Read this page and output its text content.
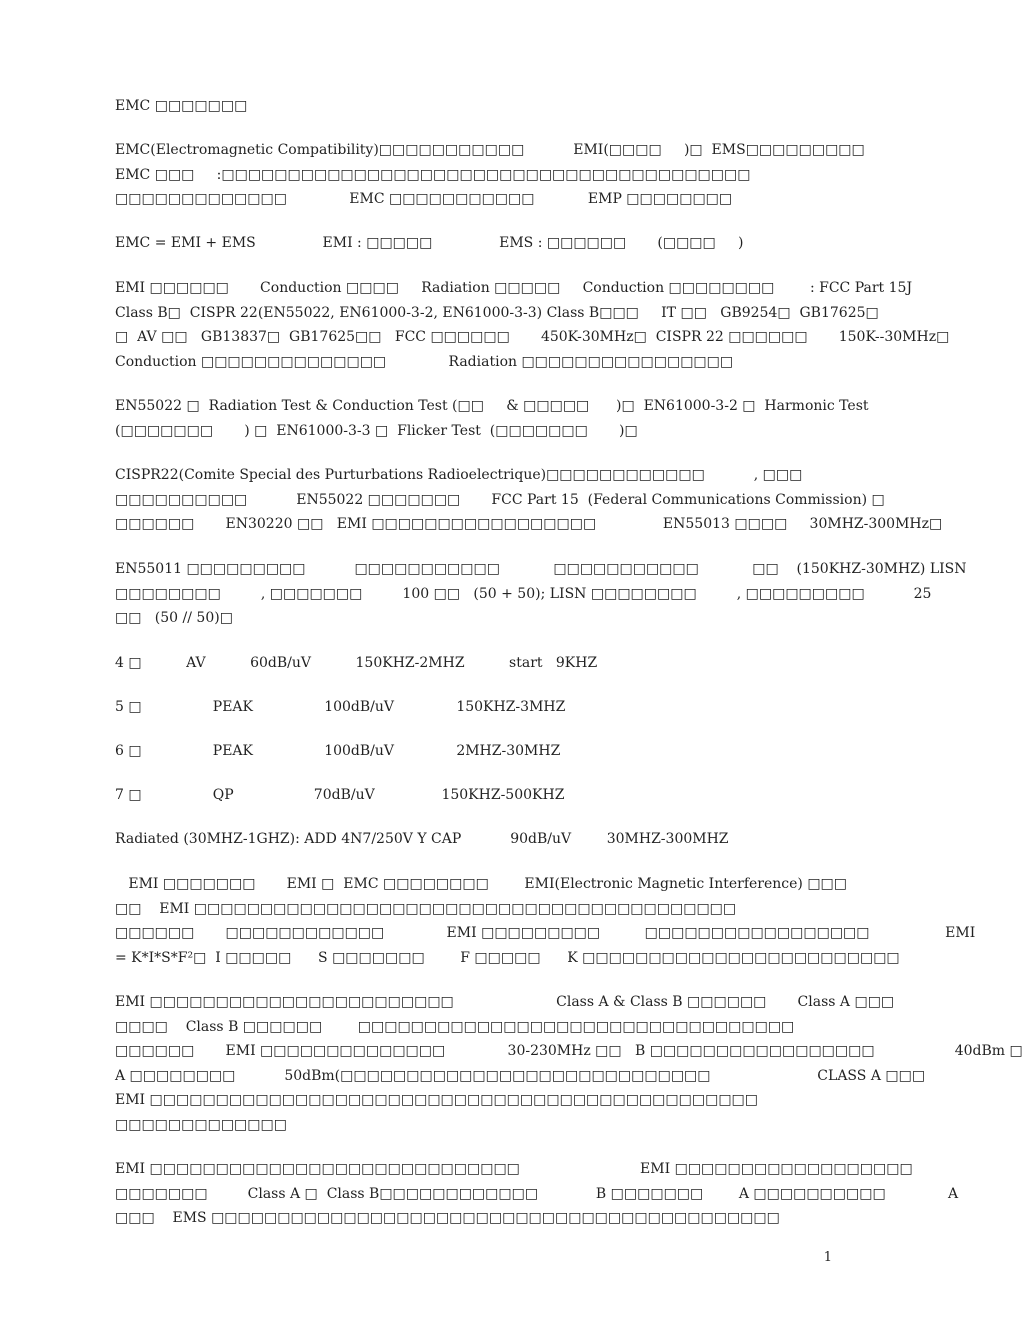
EMC □□□□□□□
EMC(Electromagnetic Compatibility)□□□□□□□□□□□           EMI(□□□□     )□  EMS□□□□□□□□□
EMC □□□     :□□□□□□□□□□□□□□□□□□□□□□□□□□□□□□□□□□□□□□□□
□□□□□□□□□□□□□              EMC □□□□□□□□□□□            EMP □□□□□□□□
EMC = EMI + EMS               EMI : □□□□□               EMS : □□□□□□       (□□□□     )
EMI □□□□□□       Conduction □□□□     Radiation □□□□□     Conduction □□□□□□□□        : FCC Part 15J
Class B□  CISPR 22(EN55022, EN61000-3-2, EN61000-3-3) Class B□□□     IT □□   GB9254□  GB17625□
□  AV □□   GB13837□  GB17625□□   FCC □□□□□□       450K-30MHz□  CISPR 22 □□□□□□       150K--30MHz□
Conduction □□□□□□□□□□□□□□              Radiation □□□□□□□□□□□□□□□□
EN55022 □  Radiation Test & Conduction Test (□□     & □□□□□      )□  EN61000-3-2 □  Harmonic Test
(□□□□□□□       ) □  EN61000-3-3 □  Flicker Test  (□□□□□□□       )□
CISPR22(Comite Special des Purturbations Radioelectrique)□□□□□□□□□□□□           , □□□
□□□□□□□□□□           EN55022 □□□□□□□       FCC Part 15  (Federal Communications Commission) □
□□□□□□       EN30220 □□   EMI □□□□□□□□□□□□□□□□□               EN55013 □□□□     30MHZ-300MHz□
EN55011 □□□□□□□□□           □□□□□□□□□□□            □□□□□□□□□□□            □□    (150KHZ-30MHZ) LISN
□□□□□□□□         , □□□□□□□         100 □□   (50 + 50); LISN □□□□□□□□         , □□□□□□□□□           25
□□   (50 // 50)□
4 □          AV          60dB/uV          150KHZ-2MHZ          start   9KHZ
5 □                PEAK                100dB/uV              150KHZ-3MHZ
6 □                PEAK                100dB/uV              2MHZ-30MHZ
7 □                QP                  70dB/uV               150KHZ-500KHZ
Radiated (30MHZ-1GHZ): ADD 4N7/250V Y CAP           90dB/uV        30MHZ-300MHZ
EMI □□□□□□□       EMI □  EMC □□□□□□□□        EMI(Electronic Magnetic Interference) □□□
□□    EMI □□□□□□□□□□□□□□□□□□□□□□□□□□□□□□□□□□□□□□□□□
□□□□□□       □□□□□□□□□□□□              EMI □□□□□□□□□          □□□□□□□□□□□□□□□□□                 EMI
= K*I*S*F²□  I □□□□□      S □□□□□□□        F □□□□□      K □□□□□□□□□□□□□□□□□□□□□□□□
EMI □□□□□□□□□□□□□□□□□□□□□□□                       Class A & Class B □□□□□□       Class A □□□
□□□□    Class B □□□□□□        □□□□□□□□□□□□□□□□□□□□□□□□□□□□□□□□□
□□□□□□       EMI □□□□□□□□□□□□□□              30-230MHz □□   B □□□□□□□□□□□□□□□□□                  40dBm □
A □□□□□□□□           50dBm(□□□□□□□□□□□□□□□□□□□□□□□□□□□□                        CLASS A □□□
EMI □□□□□□□□□□□□□□□□□□□□□□□□□□□□□□□□□□□□□□□□□□□□□□
□□□□□□□□□□□□□
EMI □□□□□□□□□□□□□□□□□□□□□□□□□□□□                           EMI □□□□□□□□□□□□□□□□□□
□□□□□□□         Class A □  Class B□□□□□□□□□□□□             B □□□□□□□        A □□□□□□□□□□              A
□□□    EMS □□□□□□□□□□□□□□□□□□□□□□□□□□□□□□□□□□□□□□□□□□□
1
